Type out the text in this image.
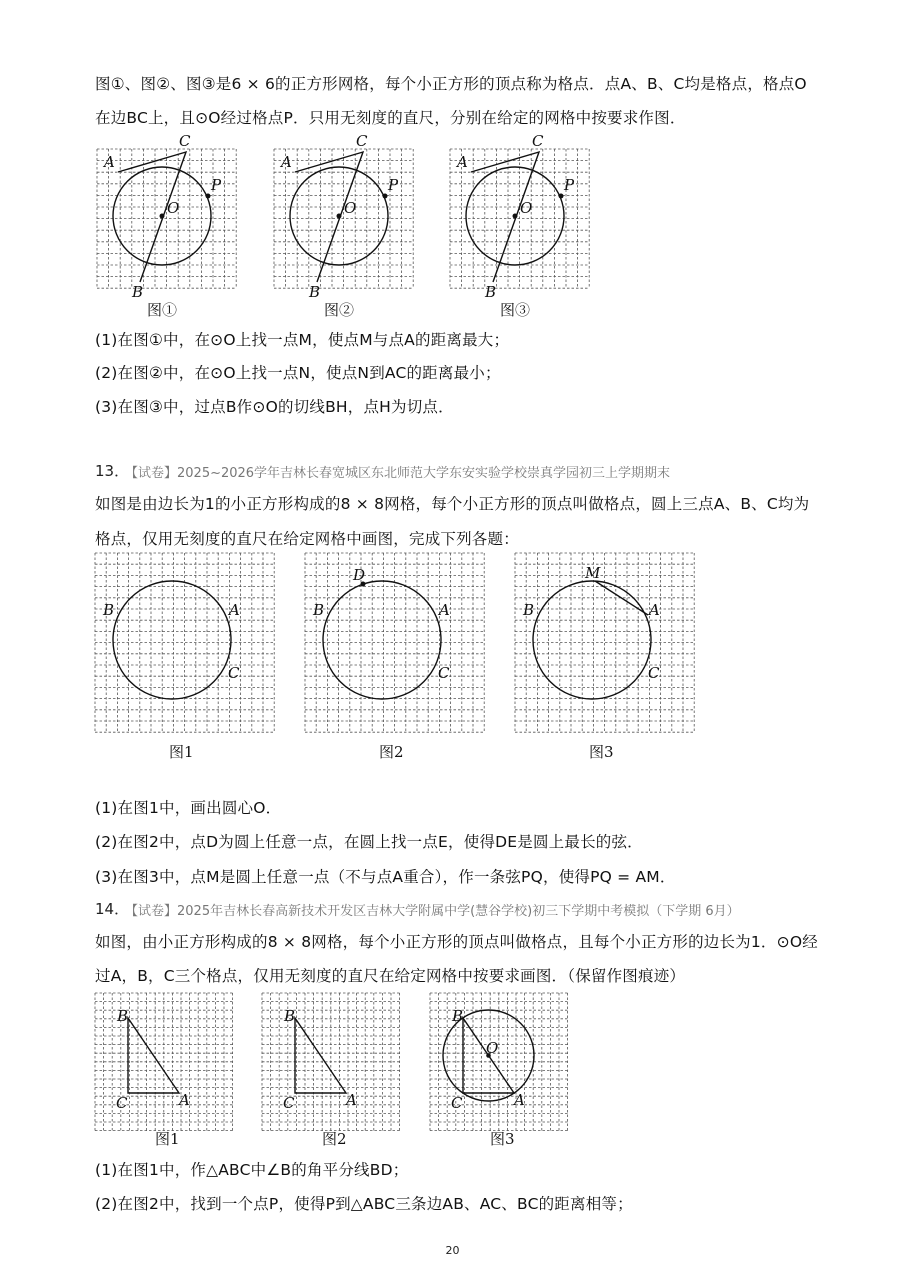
图①、图②、图③是6 × 6的正方形网格，每个小正方形的顶点称为格点．点A、B、C均是格点，格点O
在边BC上，且⊙O经过格点P．只用无刻度的直尺，分别在给定的网格中按要求作图．
A
C
P
O
B
图①
A
C
P
O
B
图②
A
C
P
O
B
图③
(1)在图①中，在⊙O上找一点M，使点M与点A的距离最大；
(2)在图②中，在⊙O上找一点N，使点N到AC的距离最小；
(3)在图③中，过点B作⊙O的切线BH，点H为切点．
13．
【试卷】2025~2026学年吉林长春宽城区东北师范大学东安实验学校崇真学园初三上学期期末
如图是由边长为1的小正方形构成的8 × 8网格，每个小正方形的顶点叫做格点，圆上三点A、B、C均为
格点，仅用无刻度的直尺在给定网格中画图，完成下列各题：
B	A
C
图1
D
B	A
C
图2
M
B	A
C
图3
(1)在图1中，画出圆心O．
(2)在图2中，点D为圆上任意一点，在圆上找一点E，使得DE是圆上最长的弦．
(3)在图3中，点M是圆上任意一点（不与点A重合），作一条弦PQ，使得PQ = AM．
14．
【试卷】2025年吉林长春高新技术开发区吉林大学附属中学(慧谷学校)初三下学期中考模拟（下学期 6月）
如图，由小正方形构成的8 × 8网格，每个小正方形的顶点叫做格点，且每个小正方形的边长为1．⊙O经
过A，B，C三个格点，仅用无刻度的直尺在给定网格中按要求画图．（保留作图痕迹）
B
C	A
图1
B
C	A
图2
O
B
C	A
图3
(1)在图1中，作△ABC中∠B的角平分线BD；
(2)在图2中，找到一个点P，使得P到△ABC三条边AB、AC、BC的距离相等；
20
